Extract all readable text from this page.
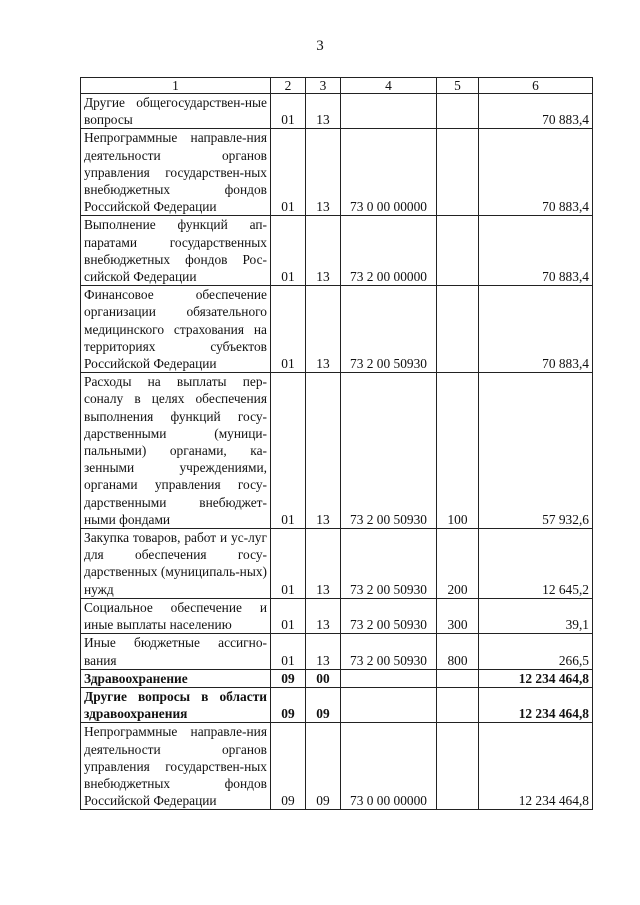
3
1	2	3	4	5	6
Другие общегосударствен-ные вопросы	01	13			70 883,4
Непрограммные направле-ния деятельности органов управления государствен-ных внебюджетных фондов Российской Федерации	01	13	73 0 00 00000		70 883,4
Выполнение функций ап-паратами государственных внебюджетных фондов Рос-сийской Федерации	01	13	73 2 00 00000		70 883,4
Финансовое обеспечение организации обязательного медицинского страхования на территориях субъектов Российской Федерации	01	13	73 2 00 50930		70 883,4
Расходы на выплаты пер-соналу в целях обеспечения выполнения функций госу-дарственными (муници-пальными) органами, ка-зенными учреждениями, органами управления госу-дарственными внебюджет-ными фондами	01	13	73 2 00 50930	100	57 932,6
Закупка товаров, работ и ус-луг для обеспечения госу-дарственных (муниципаль-ных) нужд	01	13	73 2 00 50930	200	12 645,2
Социальное обеспечение и иные выплаты населению	01	13	73 2 00 50930	300	39,1
Иные бюджетные ассигно-вания	01	13	73 2 00 50930	800	266,5
Здравоохранение	09	00			12 234 464,8
Другие вопросы в области здравоохранения	09	09			12 234 464,8
Непрограммные направле-ния деятельности органов управления государствен-ных внебюджетных фондов Российской Федерации	09	09	73 0 00 00000		12 234 464,8
